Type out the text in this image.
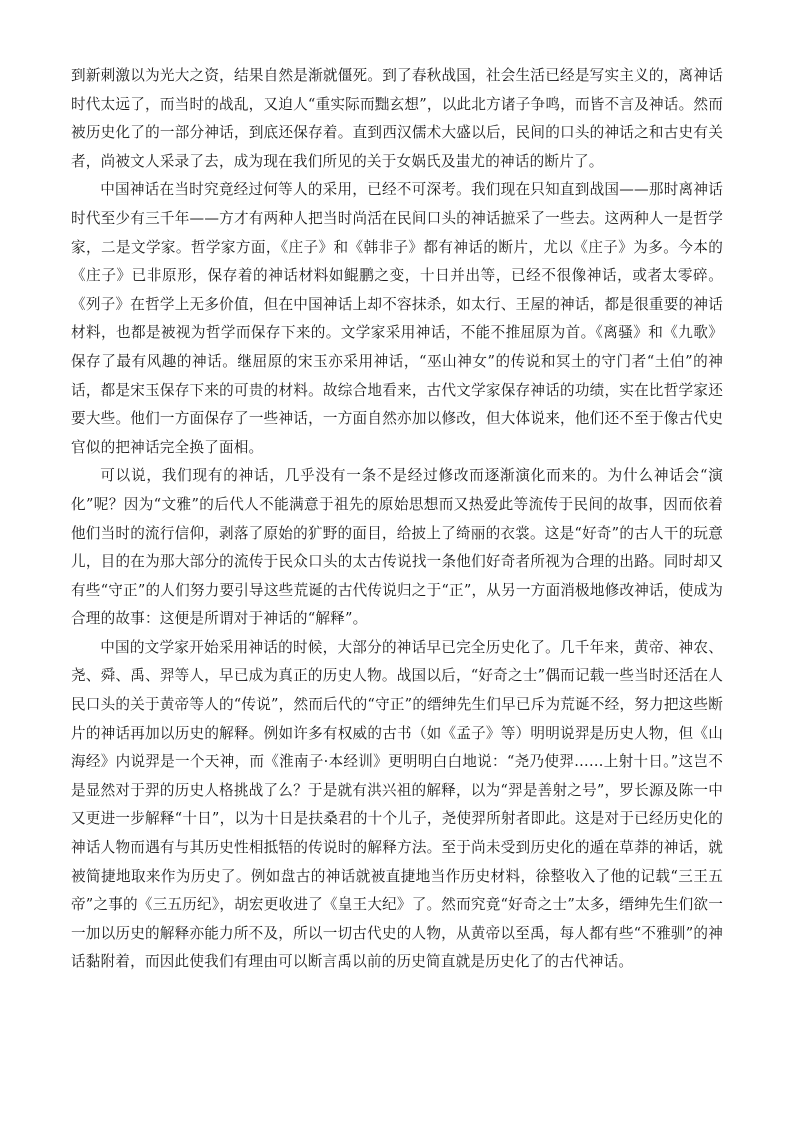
到新刺激以为光大之资，结果自然是渐就僵死。到了春秋战国，社会生活已经是写实主义的，离神话时代太远了，而当时的战乱，又迫人“重实际而黜玄想”，以此北方诸子争鸣，而皆不言及神话。然而被历史化了的一部分神话，到底还保存着。直到西汉儒术大盛以后，民间的口头的神话之和古史有关者，尚被文人采录了去，成为现在我们所见的关于女娲氏及蚩尤的神话的断片了。

中国神话在当时究竟经过何等人的采用，已经不可深考。我们现在只知直到战国——那时离神话时代至少有三千年——方才有两种人把当时尚活在民间口头的神话摭采了一些去。这两种人一是哲学家，二是文学家。哲学家方面，《庄子》和《韩非子》都有神话的断片，尤以《庄子》为多。今本的《庄子》已非原形，保存着的神话材料如鲲鹏之变，十日并出等，已经不很像神话，或者太零碎。《列子》在哲学上无多价值，但在中国神话上却不容抹杀，如太行、王屋的神话，都是很重要的神话材料，也都是被视为哲学而保存下来的。文学家采用神话，不能不推屈原为首。《离骚》和《九歌》保存了最有风趣的神话。继屈原的宋玉亦采用神话，“巫山神女”的传说和冥土的守门者“土伯”的神话，都是宋玉保存下来的可贵的材料。故综合地看来，古代文学家保存神话的功绩，实在比哲学家还要大些。他们一方面保存了一些神话，一方面自然亦加以修改，但大体说来，他们还不至于像古代史官似的把神话完全换了面相。

可以说，我们现有的神话，几乎没有一条不是经过修改而逐渐演化而来的。为什么神话会“演化”呢？因为“文雅”的后代人不能满意于祖先的原始思想而又热爱此等流传于民间的故事，因而依着他们当时的流行信仰，剥落了原始的犷野的面目，给披上了绮丽的衣裳。这是“好奇”的古人干的玩意儿，目的在为那大部分的流传于民众口头的太古传说找一条他们好奇者所视为合理的出路。同时却又有些“守正”的人们努力要引导这些荒诞的古代传说归之于“正”，从另一方面消极地修改神话，使成为合理的故事：这便是所谓对于神话的“解释”。

中国的文学家开始采用神话的时候，大部分的神话早已完全历史化了。几千年来，黄帝、神农、尧、舜、禹、羿等人，早已成为真正的历史人物。战国以后，“好奇之士”偶而记载一些当时还活在人民口头的关于黄帝等人的“传说”，然而后代的“守正”的缙绅先生们早已斥为荒诞不经，努力把这些断片的神话再加以历史的解释。例如许多有权威的古书（如《孟子》等）明明说羿是历史人物，但《山海经》内说羿是一个天神，而《淮南子·本经训》更明明白白地说：“尧乃使羿……上射十日。”这岂不是显然对于羿的历史人格挑战了么？于是就有洪兴祖的解释，以为“羿是善射之号”，罗长源及陈一中又更进一步解释“十日”，以为十日是扶桑君的十个儿子，尧使羿所射者即此。这是对于已经历史化的神话人物而遇有与其历史性相抵牾的传说时的解释方法。至于尚未受到历史化的遁在草莽的神话，就被简捷地取来作为历史了。例如盘古的神话就被直捷地当作历史材料，徐整收入了他的记载“三王五帝”之事的《三五历纪》，胡宏更收进了《皇王大纪》了。然而究竟“好奇之士”太多，缙绅先生们欲一一加以历史的解释亦能力所不及，所以一切古代史的人物，从黄帝以至禹，每人都有些“不雅驯”的神话黏附着，而因此使我们有理由可以断言禹以前的历史简直就是历史化了的古代神话。
